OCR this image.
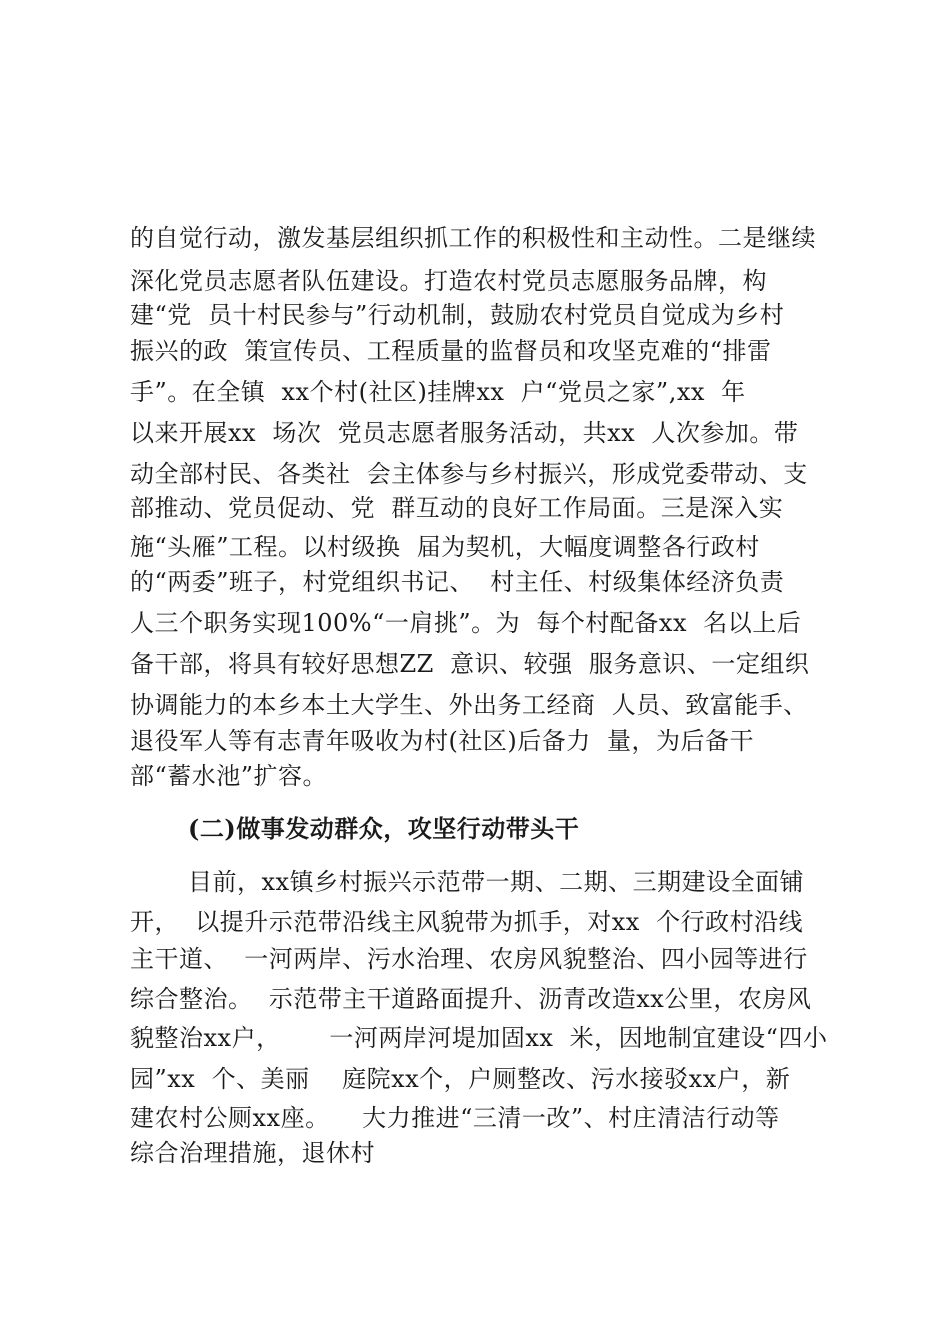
的自觉行动，激发基层组织抓工作的积极性和主动性。二是继续
深化党员志愿者队伍建设。打造农村党员志愿服务品牌，构
建“党  员十村民参与”行动机制，鼓励农村党员自觉成为乡村
振兴的政  策宣传员、工程质量的监督员和攻坚克难的“排雷
手”。在全镇  xx个村(社区)挂牌xx  户“党员之家”,xx  年
以来开展xx  场次  党员志愿者服务活动，共xx  人次参加。带
动全部村民、各类社  会主体参与乡村振兴，形成党委带动、支
部推动、党员促动、党  群互动的良好工作局面。三是深入实
施“头雁”工程。以村级换  届为契机，大幅度调整各行政村
的“两委”班子，村党组织书记、  村主任、村级集体经济负责
人三个职务实现100%“一肩挑”。为  每个村配备xx  名以上后
备干部，将具有较好思想ZZ  意识、较强  服务意识、一定组织
协调能力的本乡本土大学生、外出务工经商  人员、致富能手、
退役军人等有志青年吸收为村(社区)后备力  量，为后备干
部“蓄水池”扩容。
(二)做事发动群众，攻坚行动带头干
目前，xx镇乡村振兴示范带一期、二期、三期建设全面铺
开，  以提升示范带沿线主风貌带为抓手，对xx  个行政村沿线
主干道、  一河两岸、污水治理、农房风貌整治、四小园等进行
综合整治。  示范带主干道路面提升、沥青改造xx公里，农房风
貌整治xx户，      一河两岸河堤加固xx  米，因地制宜建设“四小
园”xx  个、美丽    庭院xx个，户厕整改、污水接驳xx户，新
建农村公厕xx座。    大力推进“三清一改”、村庄清洁行动等
综合治理措施，退休村
